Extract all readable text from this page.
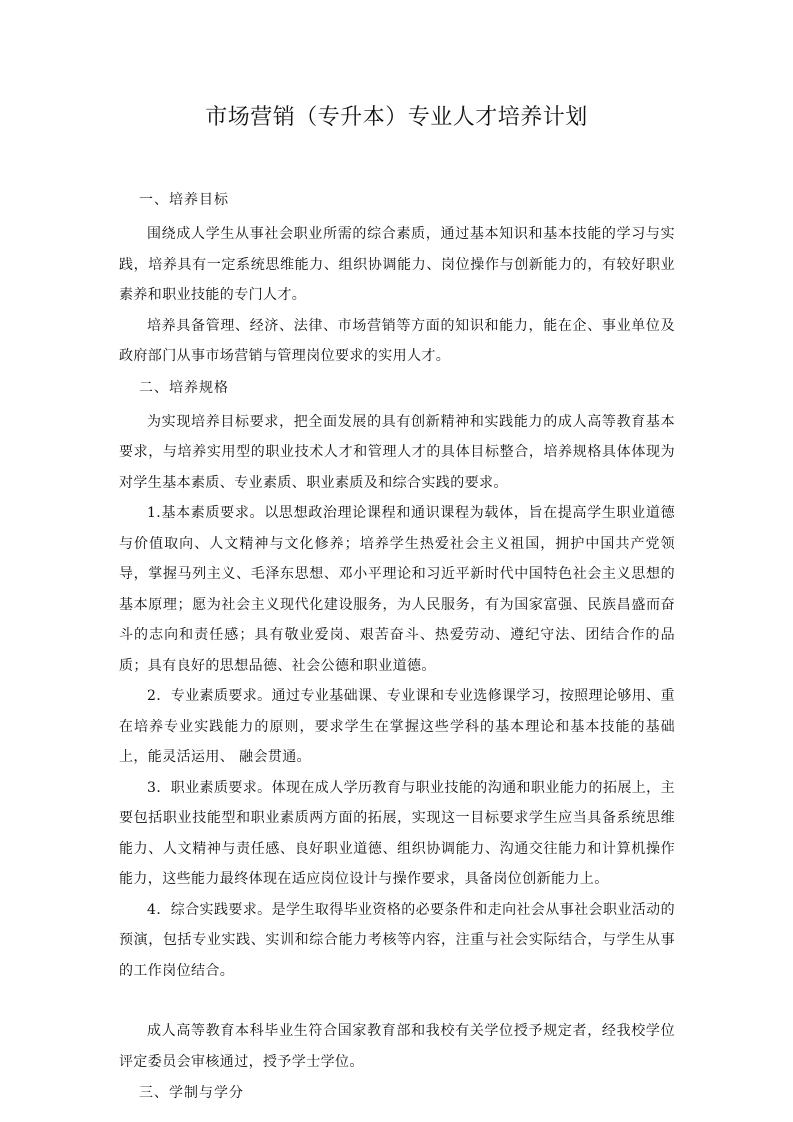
市场营销（专升本）专业人才培养计划
一、培养目标

围绕成人学生从事社会职业所需的综合素质，通过基本知识和基本技能的学习与实践，培养具有一定系统思维能力、组织协调能力、岗位操作与创新能力的，有较好职业素养和职业技能的专门人才。

培养具备管理、经济、法律、市场营销等方面的知识和能力，能在企、事业单位及政府部门从事市场营销与管理岗位要求的实用人才。

二、培养规格

为实现培养目标要求，把全面发展的具有创新精神和实践能力的成人高等教育基本要求，与培养实用型的职业技术人才和管理人才的具体目标整合，培养规格具体体现为对学生基本素质、专业素质、职业素质及和综合实践的要求。

1.基本素质要求。以思想政治理论课程和通识课程为载体，旨在提高学生职业道德与价值取向、人文精神与文化修养；培养学生热爱社会主义祖国，拥护中国共产党领导，掌握马列主义、毛泽东思想、邓小平理论和习近平新时代中国特色社会主义思想的基本原理；愿为社会主义现代化建设服务，为人民服务，有为国家富强、民族昌盛而奋斗的志向和责任感；具有敬业爱岗、艰苦奋斗、热爱劳动、遵纪守法、团结合作的品质；具有良好的思想品德、社会公德和职业道德。

2．专业素质要求。通过专业基础课、专业课和专业选修课学习，按照理论够用、重在培养专业实践能力的原则，要求学生在掌握这些学科的基本理论和基本技能的基础上，能灵活运用、 融会贯通。

3．职业素质要求。体现在成人学历教育与职业技能的沟通和职业能力的拓展上，主要包括职业技能型和职业素质两方面的拓展，实现这一目标要求学生应当具备系统思维能力、人文精神与责任感、良好职业道德、组织协调能力、沟通交往能力和计算机操作能力，这些能力最终体现在适应岗位设计与操作要求，具备岗位创新能力上。

4．综合实践要求。是学生取得毕业资格的必要条件和走向社会从事社会职业活动的预演，包括专业实践、实训和综合能力考核等内容，注重与社会实际结合，与学生从事的工作岗位结合。

成人高等教育本科毕业生符合国家教育部和我校有关学位授予规定者，经我校学位评定委员会审核通过，授予学士学位。

三、学制与学分
